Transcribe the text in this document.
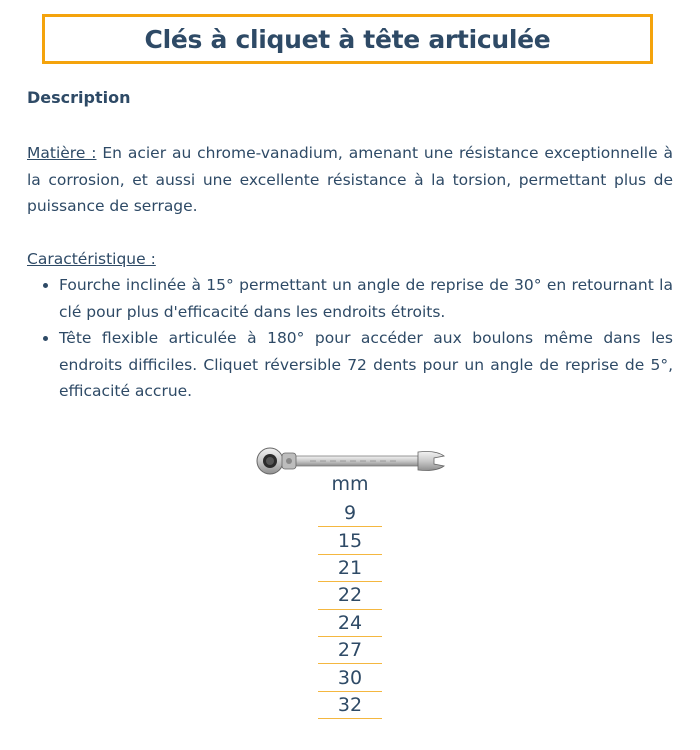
Clés à cliquet à tête articulée
Description

Matière : En acier au chrome-vanadium, amenant une résistance exceptionnelle à la corrosion, et aussi une excellente résistance à la torsion, permettant plus de puissance de serrage.

Caractéristique :

• Fourche inclinée à 15° permettant un angle de reprise de 30° en retournant la clé pour plus d'efficacité dans les endroits étroits.
• Tête flexible articulée à 180° pour accéder aux boulons même dans les endroits difficiles. Cliquet réversible 72 dents pour un angle de reprise de 5°, efficacité accrue.
mm
9
15
21
22
24
27
30
32
